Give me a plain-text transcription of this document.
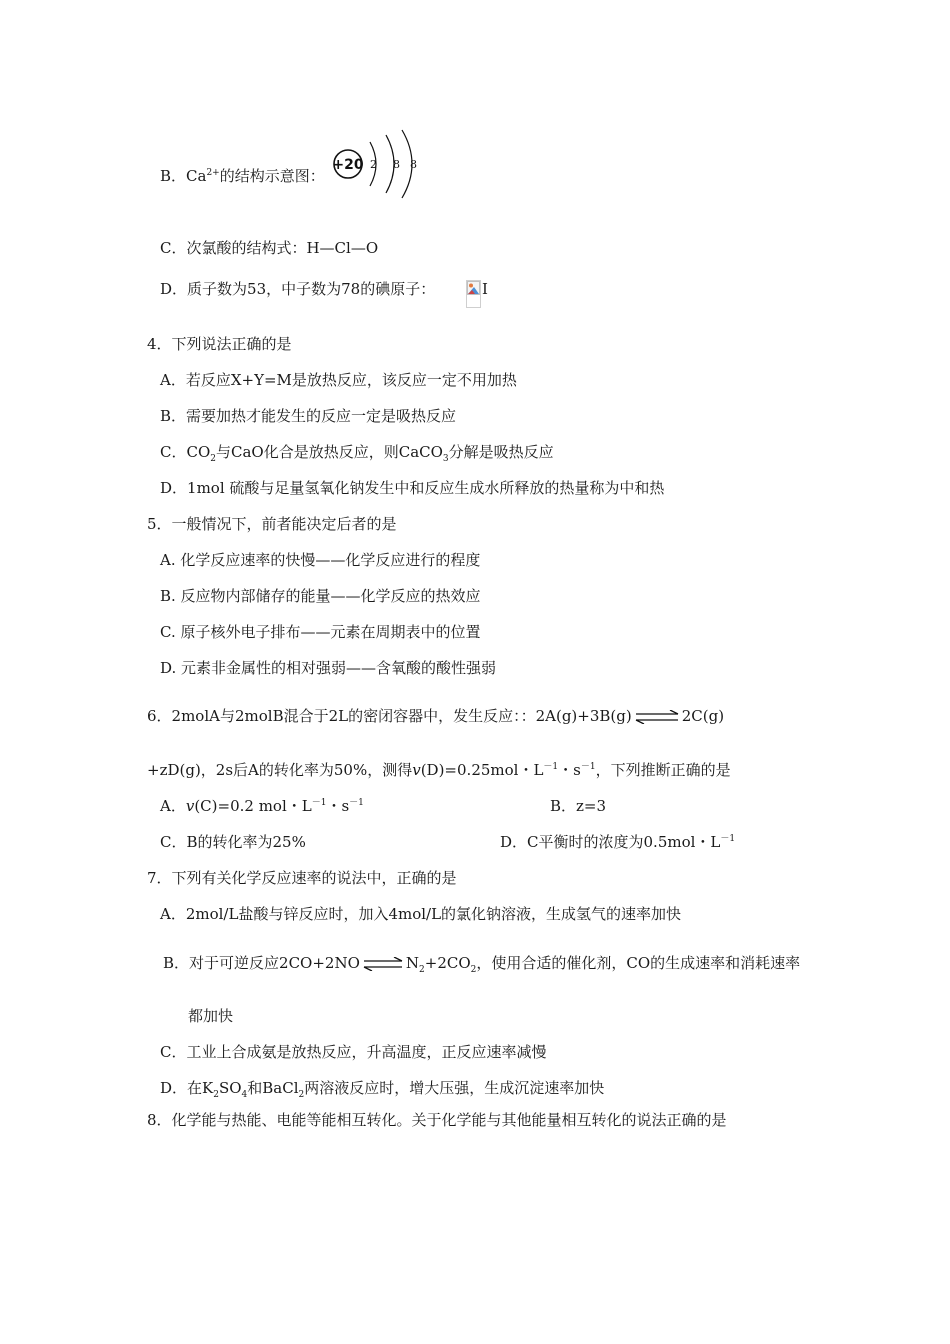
B．$Ca^{2+}$的结构示意图：
+20 2 8 8
C．次氯酸的结构式：H—Cl—O
D．质子数为53，中子数为78的碘原子：	I
4．下列说法正确的是
A．若反应X+Y=M是放热反应，该反应一定不用加热
B．需要加热才能发生的反应一定是吸热反应
C．$CO_2$与CaO化合是放热反应，则CaCO$_3$分解是吸热反应
D．1mol 硫酸与足量氢氧化钠发生中和反应生成水所释放的热量称为中和热
5．一般情况下，前者能决定后者的是
A. 化学反应速率的快慢——化学反应进行的程度
B. 反应物内部储存的能量——化学反应的热效应
C. 原子核外电子排布——元素在周期表中的位置
D. 元素非金属性的相对强弱——含氧酸的酸性强弱
6．2molA与2molB混合于2L的密闭容器中，发生反应：：2A(g)+3B(g) ⇌ 2C(g)
+zD(g)，2s后A的转化率为50%，测得v(D)=0.25mol・$L^{-1}$・$s^{-1}$，下列推断正确的是
A．v(C)=0.2 mol・$L^{-1}$・$s^{-1}$	B．z=3
C．B的转化率为25%	D．C平衡时的浓度为0.5mol・$L^{-1}$
7．下列有关化学反应速率的说法中，正确的是
A．2mol/L盐酸与锌反应时，加入4mol/L的氯化钠溶液，生成氢气的速率加快
B．对于可逆反应2CO+2NO ⇌ $N_2+2CO_2$，使用合适的催化剂，CO的生成速率和消耗速率
都加快
C．工业上合成氨是放热反应，升高温度，正反应速率减慢
D．在$K_2SO_4$和BaCl$_2$两溶液反应时，增大压强，生成沉淀速率加快
8．化学能与热能、电能等能相互转化。关于化学能与其他能量相互转化的说法正确的是
